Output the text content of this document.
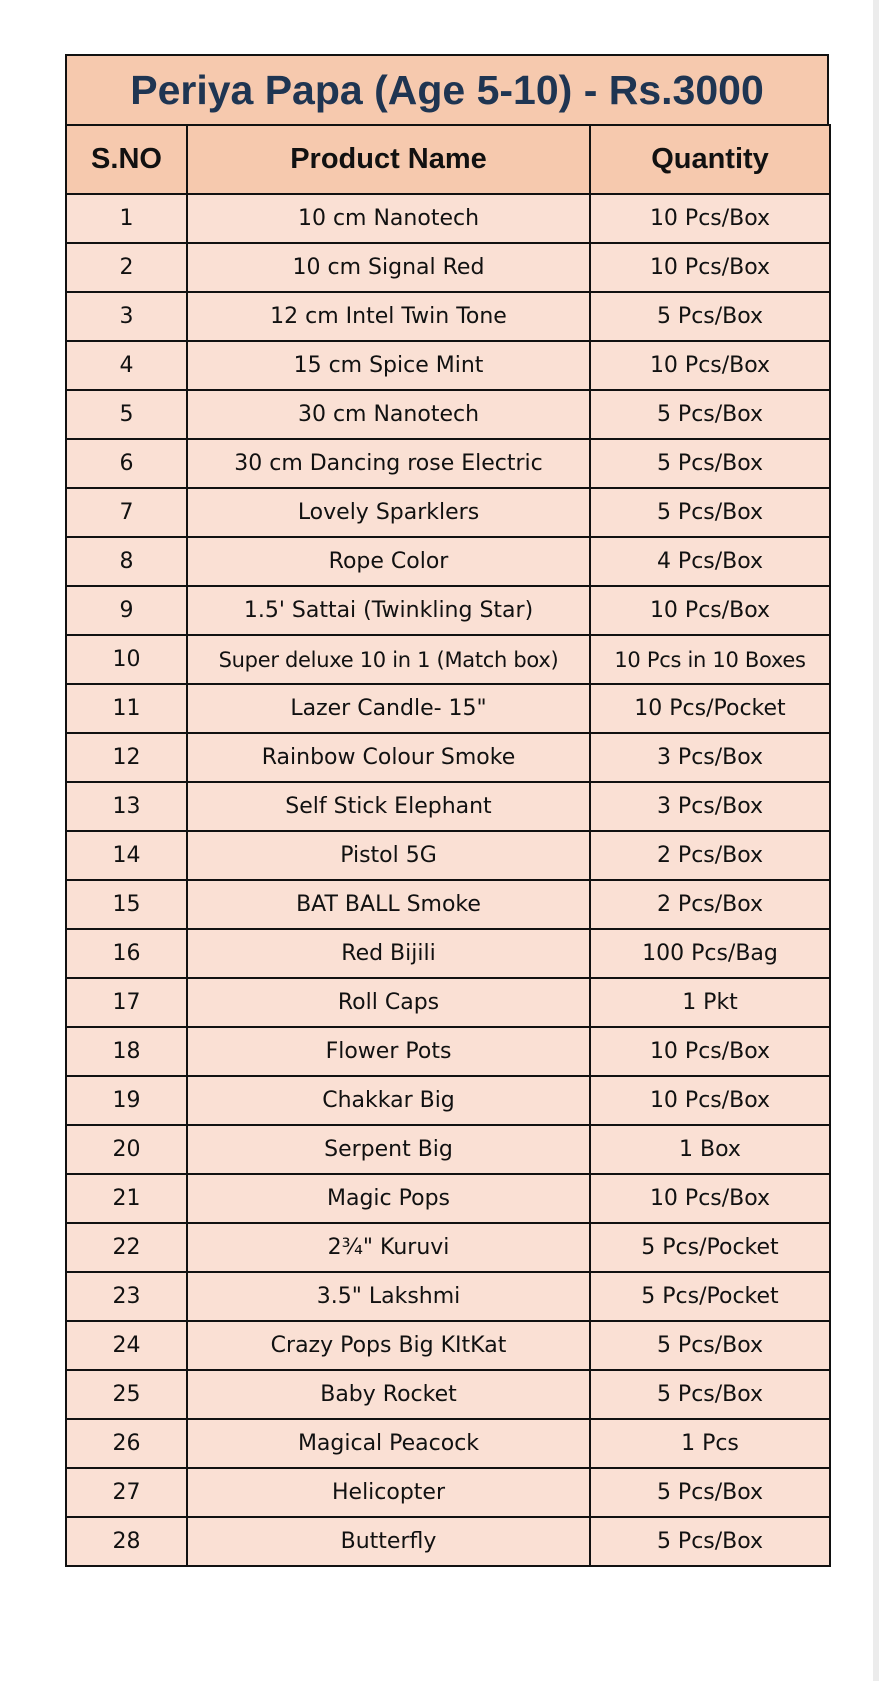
Periya Papa (Age 5-10) - Rs.3000
S.NO	Product Name	Quantity
1	10 cm Nanotech	10 Pcs/Box
2	10 cm Signal Red	10 Pcs/Box
3	12 cm Intel Twin Tone	5 Pcs/Box
4	15 cm Spice Mint	10 Pcs/Box
5	30 cm Nanotech	5 Pcs/Box
6	30 cm Dancing rose Electric	5 Pcs/Box
7	Lovely Sparklers	5 Pcs/Box
8	Rope Color	4 Pcs/Box
9	1.5' Sattai (Twinkling Star)	10 Pcs/Box
10	Super deluxe 10 in 1 (Match box)	10 Pcs in 10 Boxes
11	Lazer Candle- 15"	10 Pcs/Pocket
12	Rainbow Colour Smoke	3 Pcs/Box
13	Self Stick Elephant	3 Pcs/Box
14	Pistol 5G	2 Pcs/Box
15	BAT BALL Smoke	2 Pcs/Box
16	Red Bijili	100 Pcs/Bag
17	Roll Caps	1 Pkt
18	Flower Pots	10 Pcs/Box
19	Chakkar Big	10 Pcs/Box
20	Serpent Big	1 Box
21	Magic Pops	10 Pcs/Box
22	2¾" Kuruvi	5 Pcs/Pocket
23	3.5" Lakshmi	5 Pcs/Pocket
24	Crazy Pops Big KItKat	5 Pcs/Box
25	Baby Rocket	5 Pcs/Box
26	Magical Peacock	1 Pcs
27	Helicopter	5 Pcs/Box
28	Butterfly	5 Pcs/Box
